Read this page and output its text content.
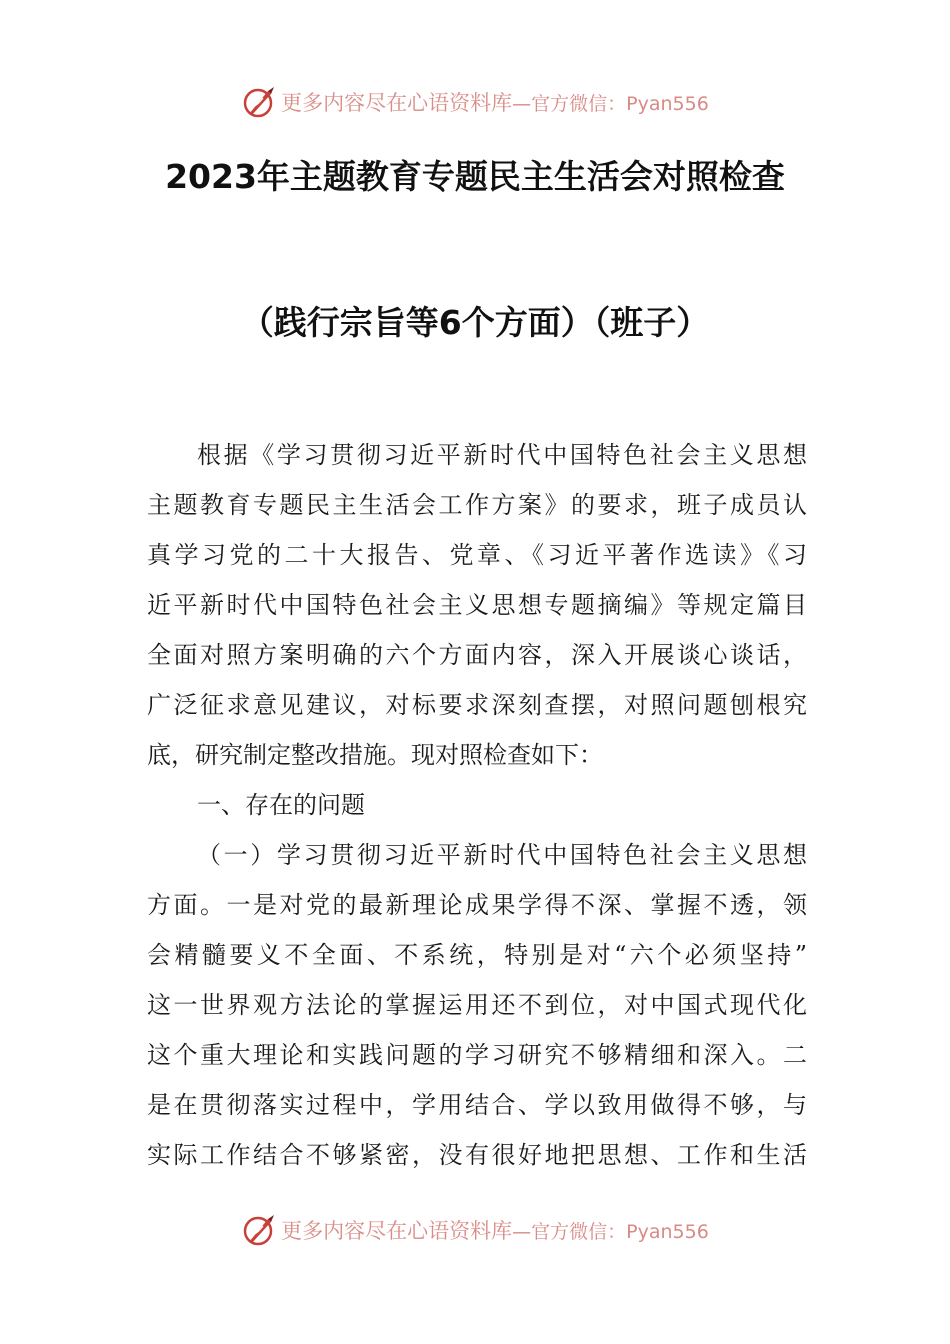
更多内容尽在心语资料库 —官方微信：Pyan556
2023年主题教育专题民主生活会对照检查
（践行宗旨等6个方面）（班子）
根据《学习贯彻习近平新时代中国特色社会主义思想
主题教育专题民主生活会工作方案》的要求，班子成员认
真学习党的二十大报告、党章、《习近平著作选读》《习
近平新时代中国特色社会主义思想专题摘编》等规定篇目
全面对照方案明确的六个方面内容，深入开展谈心谈话，
广泛征求意见建议，对标要求深刻查摆，对照问题刨根究
底，研究制定整改措施。现对照检查如下：
一、存在的问题
（一）学习贯彻习近平新时代中国特色社会主义思想
方面。一是对党的最新理论成果学得不深、掌握不透，领
会精髓要义不全面、不系统，特别是对“六个必须坚持”
这一世界观方法论的掌握运用还不到位，对中国式现代化
这个重大理论和实践问题的学习研究不够精细和深入。二
是在贯彻落实过程中，学用结合、学以致用做得不够，与
实际工作结合不够紧密，没有很好地把思想、工作和生活
更多内容尽在心语资料库 —官方微信：Pyan556
